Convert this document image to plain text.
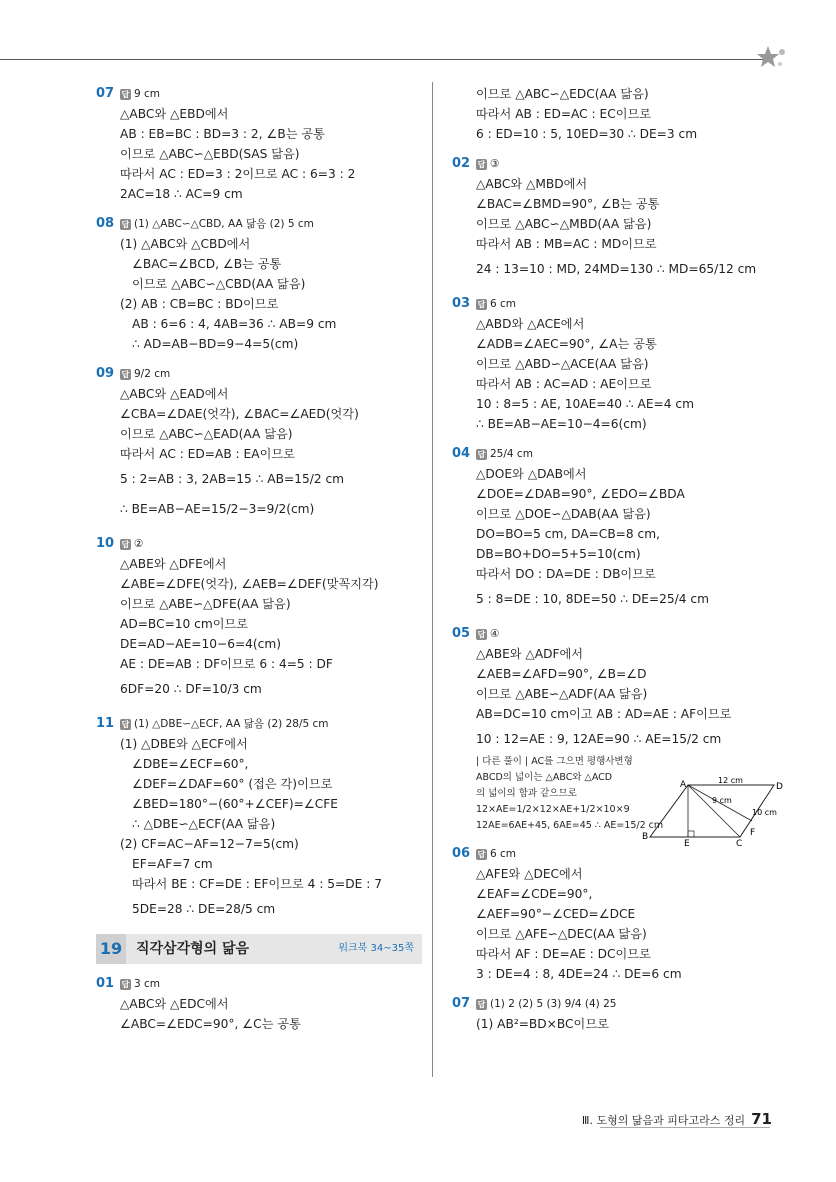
07 답 9 cm
△ABC와 △EBD에서
AB : EB=BC : BD=3 : 2, ∠B는 공통
이므로 △ABC∽△EBD(SAS 닮음)
따라서 AC : ED=3 : 2이므로 AC : 6=3 : 2
2AC=18 ∴ AC=9 cm
08 답 (1) △ABC∽△CBD, AA 닮음 (2) 5 cm
(1) △ABC와 △CBD에서
∠BAC=∠BCD, ∠B는 공통
이므로 △ABC∽△CBD(AA 닮음)
(2) AB : CB=BC : BD이므로
AB : 6=6 : 4, 4AB=36 ∴ AB=9 cm
∴ AD=AB−BD=9−4=5(cm)
09 답 9/2 cm
△ABC와 △EAD에서
∠CBA=∠DAE(엇각), ∠BAC=∠AED(엇각)
이므로 △ABC∽△EAD(AA 닮음)
따라서 AC : ED=AB : EA이므로
5 : 2=AB : 3, 2AB=15 ∴ AB=15/2 cm
∴ BE=AB−AE=15/2−3=9/2(cm)
10 답 ②
△ABE와 △DFE에서
∠ABE=∠DFE(엇각), ∠AEB=∠DEF(맞꼭지각)
이므로 △ABE∽△DFE(AA 닮음)
AD=BC=10 cm이므로
DE=AD−AE=10−6=4(cm)
AE : DE=AB : DF이므로 6 : 4=5 : DF
6DF=20 ∴ DF=10/3 cm
11 답 (1) △DBE∽△ECF, AA 닮음 (2) 28/5 cm
(1) △DBE와 △ECF에서
∠DBE=∠ECF=60°,
∠DEF=∠DAF=60° (접은 각)이므로
∠BED=180°−(60°+∠CEF)=∠CFE
∴ △DBE∽△ECF(AA 닮음)
(2) CF=AC−AF=12−7=5(cm)
EF=AF=7 cm
따라서 BE : CF=DE : EF이므로 4 : 5=DE : 7
5DE=28 ∴ DE=28/5 cm
19 직각삼각형의 닮음	워크북 34~35쪽
01 답 3 cm
△ABC와 △EDC에서
∠ABC=∠EDC=90°, ∠C는 공통
이므로 △ABC∽△EDC(AA 닮음)
따라서 AB : ED=AC : EC이므로
6 : ED=10 : 5, 10ED=30 ∴ DE=3 cm
02 답 ③
△ABC와 △MBD에서
∠BAC=∠BMD=90°, ∠B는 공통
이므로 △ABC∽△MBD(AA 닮음)
따라서 AB : MB=AC : MD이므로
24 : 13=10 : MD, 24MD=130 ∴ MD=65/12 cm
03 답 6 cm
△ABD와 △ACE에서
∠ADB=∠AEC=90°, ∠A는 공통
이므로 △ABD∽△ACE(AA 닮음)
따라서 AB : AC=AD : AE이므로
10 : 8=5 : AE, 10AE=40 ∴ AE=4 cm
∴ BE=AB−AE=10−4=6(cm)
04 답 25/4 cm
△DOE와 △DAB에서
∠DOE=∠DAB=90°, ∠EDO=∠BDA
이므로 △DOE∽△DAB(AA 닮음)
DO=BO=5 cm, DA=CB=8 cm,
DB=BO+DO=5+5=10(cm)
따라서 DO : DA=DE : DB이므로
5 : 8=DE : 10, 8DE=50 ∴ DE=25/4 cm
05 답 ④
△ABE와 △ADF에서
∠AEB=∠AFD=90°, ∠B=∠D
이므로 △ABE∽△ADF(AA 닮음)
AB=DC=10 cm이고 AB : AD=AE : AF이므로
10 : 12=AE : 9, 12AE=90 ∴ AE=15/2 cm
| 다른 풀이 | AC를 그으면 평행사변형
ABCD의 넓이는 △ABC와 △ACD
의 넓이의 합과 같으므로
12×AE=1/2×12×AE+1/2×10×9
12AE=6AE+45, 6AE=45 ∴ AE=15/2 cm
06 답 6 cm
△AFE와 △DEC에서
∠EAF=∠CDE=90°,
∠AEF=90°−∠CED=∠DCE
이므로 △AFE∽△DEC(AA 닮음)
따라서 AF : DE=AE : DC이므로
3 : DE=4 : 8, 4DE=24 ∴ DE=6 cm
07 답 (1) 2 (2) 5 (3) 9/4 (4) 25
(1) AB²=BD×BC이므로
A	D
B
E	C
F
12 cm
9 cm
10 cm
Ⅲ. 도형의 닮음과 피타고라스 정리 71
